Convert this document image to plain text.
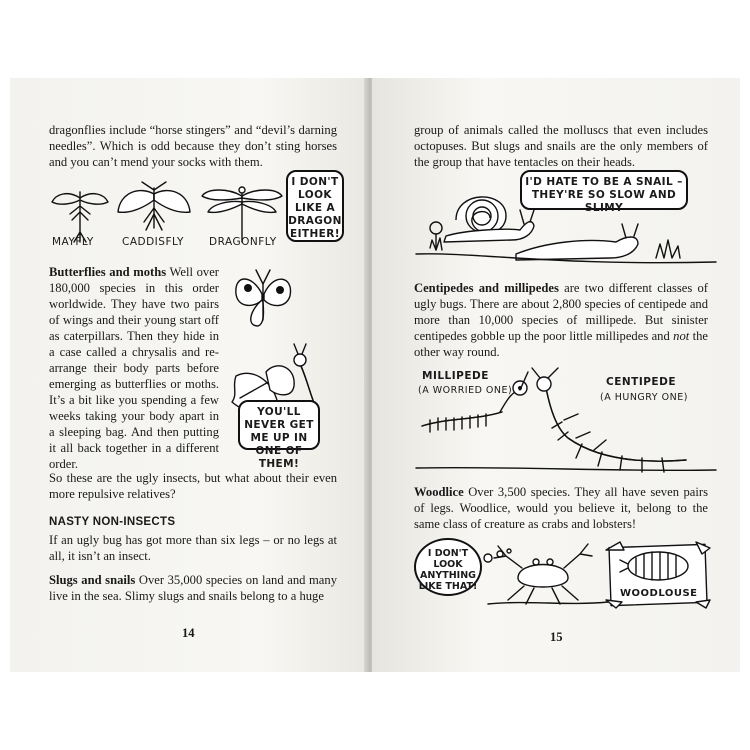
dragonflies include “horse stingers” and “devil’s darning needles”. Which is odd because they don’t sting horses and you can’t mend your socks with them.

MAYFLY	CADDISFLY DRAGONFLY
I DON'T LOOK LIKE A DRAGON EITHER!

Butterflies and moths Well over 180,000 species in this order worldwide. They have two pairs of wings and their young start off as caterpillars. Then they hide in a case called a chrysalis and re-arrange their body parts before emerging as butterflies or moths. It’s a bit like you spending a few weeks taking your body apart in a sleeping bag. And then putting it all back together in a different order.

YOU'LL NEVER GET ME UP IN ONE OF THEM!

So these are the ugly insects, but what about their even more repulsive relatives?

NASTY NON-INSECTS

If an ugly bug has got more than six legs – or no legs at all, it isn’t an insect.

Slugs and snails Over 35,000 species on land and many live in the sea. Slimy slugs and snails belong to a huge

14

group of animals called the molluscs that even includes octopuses. But slugs and snails are the only members of the group that have tentacles on their heads.

I'D HATE TO BE A SNAIL – THEY'RE SO SLOW AND SLIMY

Centipedes and millipedes are two different classes of ugly bugs. There are about 2,800 species of centipede and more than 10,000 species of millipede. But sinister centipedes gobble up the poor little millipedes and not the other way round.

MILLIPEDE
(A WORRIED ONE)
CENTIPEDE
(A HUNGRY ONE)

Woodlice Over 3,500 species. They all have seven pairs of legs. Woodlice, would you believe it, belong to the same class of creature as crabs and lobsters!

I DON'T LOOK ANYTHING LIKE THAT!
WOODLOUSE
15
